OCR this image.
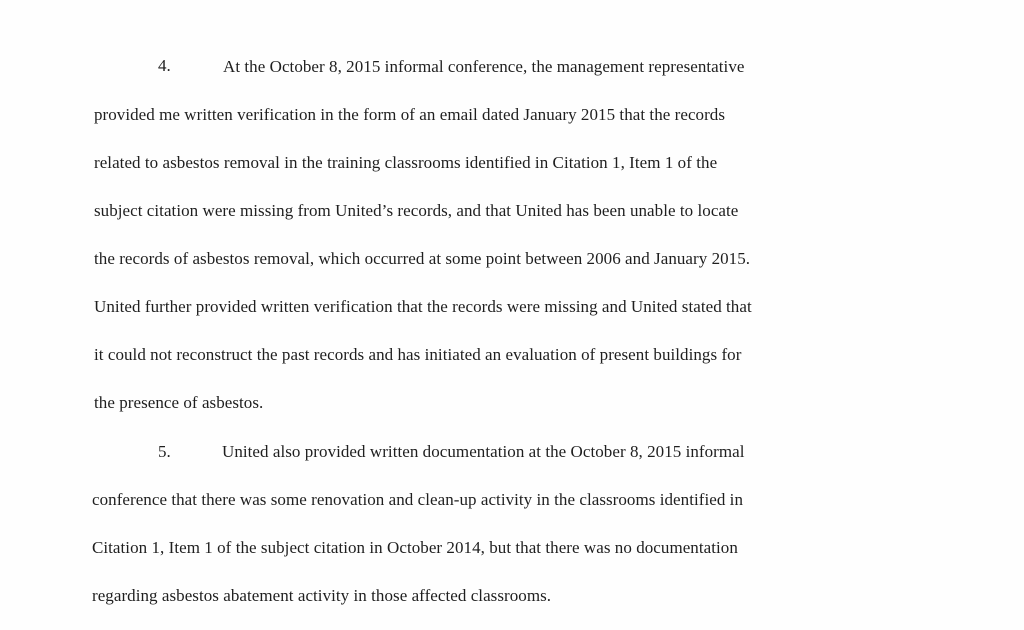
4.	At the October 8, 2015 informal conference, the management representative
provided me written verification in the form of an email dated January 2015 that the records
related to asbestos removal in the training classrooms identified in Citation 1, Item 1 of the
subject citation were missing from United’s records, and that United has been unable to locate
the records of asbestos removal, which occurred at some point between 2006 and January 2015.
United further provided written verification that the records were missing and United stated that
it could not reconstruct the past records and has initiated an evaluation of present buildings for
the presence of asbestos.
5.	United also provided written documentation at the October 8, 2015 informal
conference that there was some renovation and clean-up activity in the classrooms identified in
Citation 1, Item 1 of the subject citation in October 2014, but that there was no documentation
regarding asbestos abatement activity in those affected classrooms.
